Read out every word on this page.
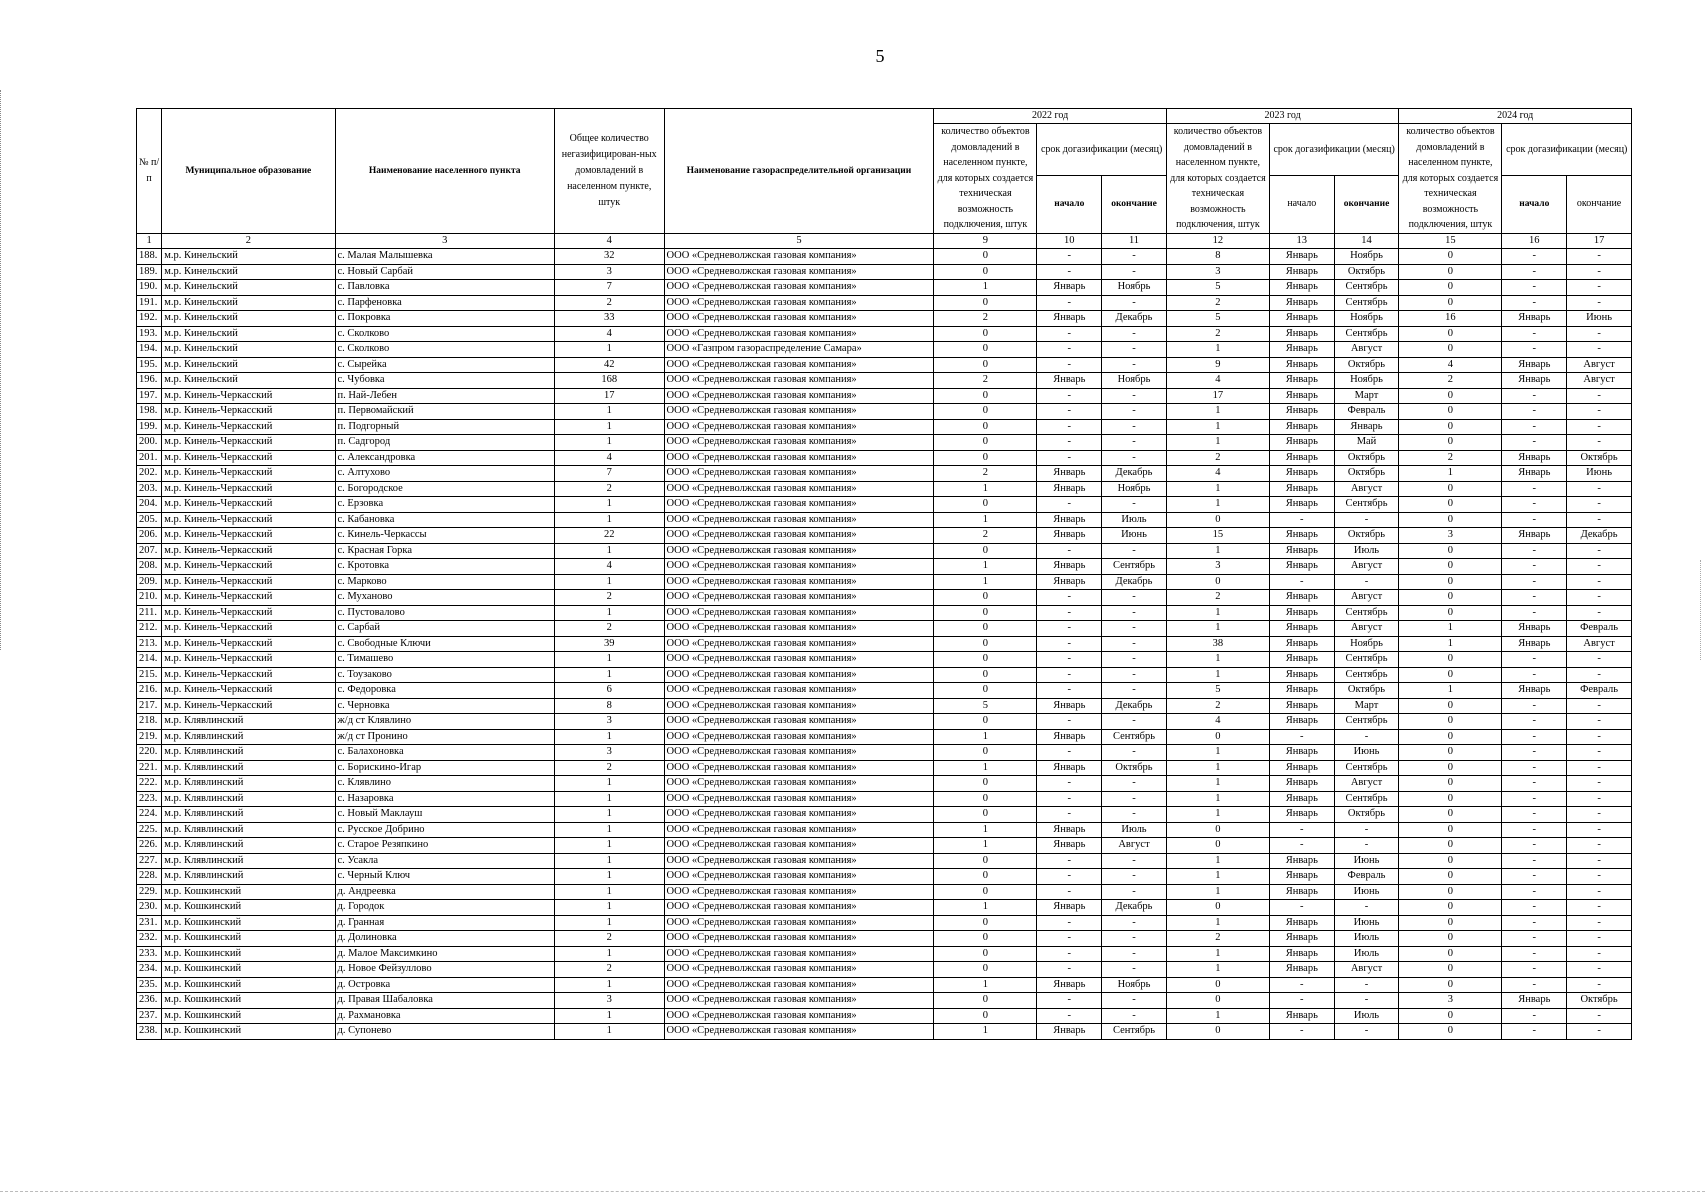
5
№ п/п	Муниципальное образование	Наименование населенного пункта	Общее количество негазифицирован-ных домовладений в населенном пункте, штук	Наименование газораспределительной организации	2022 год			2023 год			2024 год		
					количество объектов домовладений в населенном пункте, для которых создается техническая возможность подключения, штук	срок догазификации (месяц)		количество объектов домовладений в населенном пункте, для которых создается техническая возможность подключения, штук	срок догазификации (месяц)		количество объектов домовладений в населенном пункте, для которых создается техническая возможность подключения, штук	срок догазификации (месяц)	
						начало	окончание		начало	окончание		начало	окончание
1	2	3	4	5	9	10	11	12	13	14	15	16	17
188.	м.р. Кинельский	с. Малая Малышевка	32	ООО «Средневолжская газовая компания»	0	-	-	8	Январь	Ноябрь	0	-	-
189.	м.р. Кинельский	с. Новый Сарбай	3	ООО «Средневолжская газовая компания»	0	-	-	3	Январь	Октябрь	0	-	-
190.	м.р. Кинельский	с. Павловка	7	ООО «Средневолжская газовая компания»	1	Январь	Ноябрь	5	Январь	Сентябрь	0	-	-
191.	м.р. Кинельский	с. Парфеновка	2	ООО «Средневолжская газовая компания»	0	-	-	2	Январь	Сентябрь	0	-	-
192.	м.р. Кинельский	с. Покровка	33	ООО «Средневолжская газовая компания»	2	Январь	Декабрь	5	Январь	Ноябрь	16	Январь	Июнь
193.	м.р. Кинельский	с. Сколково	4	ООО «Средневолжская газовая компания»	0	-	-	2	Январь	Сентябрь	0	-	-
194.	м.р. Кинельский	с. Сколково	1	ООО «Газпром газораспределение Самара»	0	-	-	1	Январь	Август	0	-	-
195.	м.р. Кинельский	с. Сырейка	42	ООО «Средневолжская газовая компания»	0	-	-	9	Январь	Октябрь	4	Январь	Август
196.	м.р. Кинельский	с. Чубовка	168	ООО «Средневолжская газовая компания»	2	Январь	Ноябрь	4	Январь	Ноябрь	2	Январь	Август
197.	м.р. Кинель-Черкасский	п. Най-Лебен	17	ООО «Средневолжская газовая компания»	0	-	-	17	Январь	Март	0	-	-
198.	м.р. Кинель-Черкасский	п. Первомайский	1	ООО «Средневолжская газовая компания»	0	-	-	1	Январь	Февраль	0	-	-
199.	м.р. Кинель-Черкасский	п. Подгорный	1	ООО «Средневолжская газовая компания»	0	-	-	1	Январь	Январь	0	-	-
200.	м.р. Кинель-Черкасский	п. Садгород	1	ООО «Средневолжская газовая компания»	0	-	-	1	Январь	Май	0	-	-
201.	м.р. Кинель-Черкасский	с. Александровка	4	ООО «Средневолжская газовая компания»	0	-	-	2	Январь	Октябрь	2	Январь	Октябрь
202.	м.р. Кинель-Черкасский	с. Алтухово	7	ООО «Средневолжская газовая компания»	2	Январь	Декабрь	4	Январь	Октябрь	1	Январь	Июнь
203.	м.р. Кинель-Черкасский	с. Богородское	2	ООО «Средневолжская газовая компания»	1	Январь	Ноябрь	1	Январь	Август	0	-	-
204.	м.р. Кинель-Черкасский	с. Ерзовка	1	ООО «Средневолжская газовая компания»	0	-	-	1	Январь	Сентябрь	0	-	-
205.	м.р. Кинель-Черкасский	с. Кабановка	1	ООО «Средневолжская газовая компания»	1	Январь	Июль	0	-	-	0	-	-
206.	м.р. Кинель-Черкасский	с. Кинель-Черкассы	22	ООО «Средневолжская газовая компания»	2	Январь	Июнь	15	Январь	Октябрь	3	Январь	Декабрь
207.	м.р. Кинель-Черкасский	с. Красная Горка	1	ООО «Средневолжская газовая компания»	0	-	-	1	Январь	Июль	0	-	-
208.	м.р. Кинель-Черкасский	с. Кротовка	4	ООО «Средневолжская газовая компания»	1	Январь	Сентябрь	3	Январь	Август	0	-	-
209.	м.р. Кинель-Черкасский	с. Марково	1	ООО «Средневолжская газовая компания»	1	Январь	Декабрь	0	-	-	0	-	-
210.	м.р. Кинель-Черкасский	с. Муханово	2	ООО «Средневолжская газовая компания»	0	-	-	2	Январь	Август	0	-	-
211.	м.р. Кинель-Черкасский	с. Пустовалово	1	ООО «Средневолжская газовая компания»	0	-	-	1	Январь	Сентябрь	0	-	-
212.	м.р. Кинель-Черкасский	с. Сарбай	2	ООО «Средневолжская газовая компания»	0	-	-	1	Январь	Август	1	Январь	Февраль
213.	м.р. Кинель-Черкасский	с. Свободные Ключи	39	ООО «Средневолжская газовая компания»	0	-	-	38	Январь	Ноябрь	1	Январь	Август
214.	м.р. Кинель-Черкасский	с. Тимашево	1	ООО «Средневолжская газовая компания»	0	-	-	1	Январь	Сентябрь	0	-	-
215.	м.р. Кинель-Черкасский	с. Тоузаково	1	ООО «Средневолжская газовая компания»	0	-	-	1	Январь	Сентябрь	0	-	-
216.	м.р. Кинель-Черкасский	с. Федоровка	6	ООО «Средневолжская газовая компания»	0	-	-	5	Январь	Октябрь	1	Январь	Февраль
217.	м.р. Кинель-Черкасский	с. Черновка	8	ООО «Средневолжская газовая компания»	5	Январь	Декабрь	2	Январь	Март	0	-	-
218.	м.р. Клявлинский	ж/д ст Клявлино	3	ООО «Средневолжская газовая компания»	0	-	-	4	Январь	Сентябрь	0	-	-
219.	м.р. Клявлинский	ж/д ст Пронино	1	ООО «Средневолжская газовая компания»	1	Январь	Сентябрь	0	-	-	0	-	-
220.	м.р. Клявлинский	с. Балахоновка	3	ООО «Средневолжская газовая компания»	0	-	-	1	Январь	Июнь	0	-	-
221.	м.р. Клявлинский	с. Борискино-Игар	2	ООО «Средневолжская газовая компания»	1	Январь	Октябрь	1	Январь	Сентябрь	0	-	-
222.	м.р. Клявлинский	с. Клявлино	1	ООО «Средневолжская газовая компания»	0	-	-	1	Январь	Август	0	-	-
223.	м.р. Клявлинский	с. Назаровка	1	ООО «Средневолжская газовая компания»	0	-	-	1	Январь	Сентябрь	0	-	-
224.	м.р. Клявлинский	с. Новый Маклауш	1	ООО «Средневолжская газовая компания»	0	-	-	1	Январь	Октябрь	0	-	-
225.	м.р. Клявлинский	с. Русское Добрино	1	ООО «Средневолжская газовая компания»	1	Январь	Июль	0	-	-	0	-	-
226.	м.р. Клявлинский	с. Старое Резяпкино	1	ООО «Средневолжская газовая компания»	1	Январь	Август	0	-	-	0	-	-
227.	м.р. Клявлинский	с. Усакла	1	ООО «Средневолжская газовая компания»	0	-	-	1	Январь	Июнь	0	-	-
228.	м.р. Клявлинский	с. Черный Ключ	1	ООО «Средневолжская газовая компания»	0	-	-	1	Январь	Февраль	0	-	-
229.	м.р. Кошкинский	д. Андреевка	1	ООО «Средневолжская газовая компания»	0	-	-	1	Январь	Июнь	0	-	-
230.	м.р. Кошкинский	д. Городок	1	ООО «Средневолжская газовая компания»	1	Январь	Декабрь	0	-	-	0	-	-
231.	м.р. Кошкинский	д. Гранная	1	ООО «Средневолжская газовая компания»	0	-	-	1	Январь	Июнь	0	-	-
232.	м.р. Кошкинский	д. Долиновка	2	ООО «Средневолжская газовая компания»	0	-	-	2	Январь	Июль	0	-	-
233.	м.р. Кошкинский	д. Малое Максимкино	1	ООО «Средневолжская газовая компания»	0	-	-	1	Январь	Июль	0	-	-
234.	м.р. Кошкинский	д. Новое Фейзуллово	2	ООО «Средневолжская газовая компания»	0	-	-	1	Январь	Август	0	-	-
235.	м.р. Кошкинский	д. Островка	1	ООО «Средневолжская газовая компания»	1	Январь	Ноябрь	0	-	-	0	-	-
236.	м.р. Кошкинский	д. Правая Шабаловка	3	ООО «Средневолжская газовая компания»	0	-	-	0	-	-	3	Январь	Октябрь
237.	м.р. Кошкинский	д. Рахмановка	1	ООО «Средневолжская газовая компания»	0	-	-	1	Январь	Июль	0	-	-
238.	м.р. Кошкинский	д. Супонево	1	ООО «Средневолжская газовая компания»	1	Январь	Сентябрь	0	-	-	0	-	-
